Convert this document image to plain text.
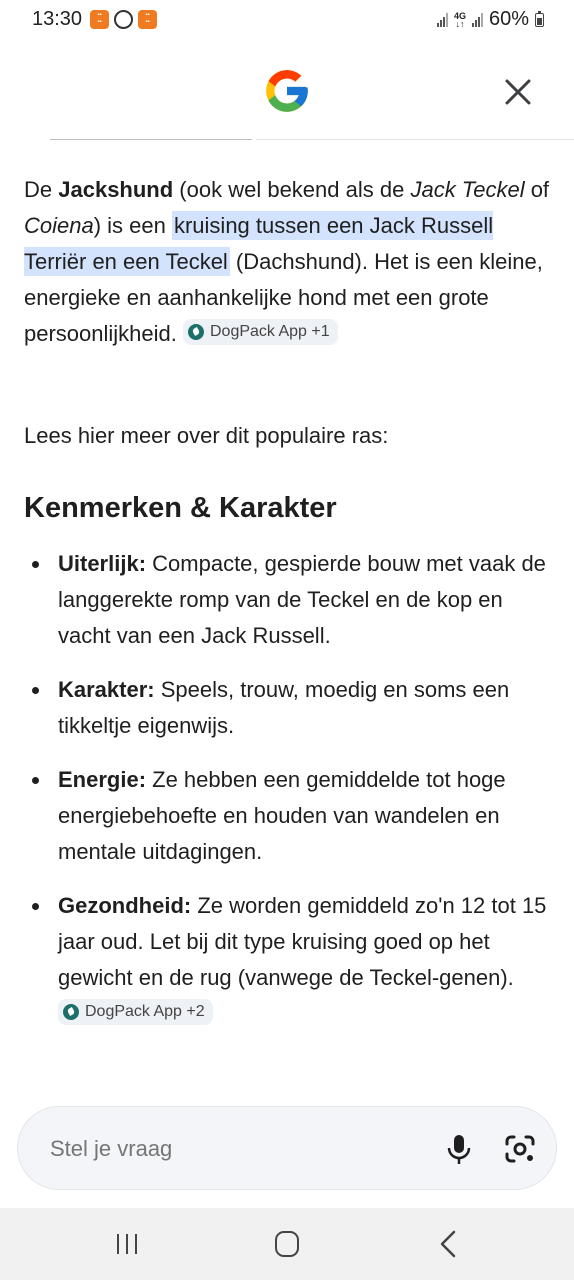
13:30	▪▪
▪▪
▪▪
▪▪
4G
↓↑ 60%

De Jackshund (ook wel bekend als de Jack Teckel of Coiena) is een kruising tussen een Jack Russell Terriër en een Teckel (Dachshund). Het is een kleine, energieke en aanhankelijke hond met een grote persoonlijkheid. DogPack App +1

Lees hier meer over dit populaire ras:

Kenmerken & Karakter
Uiterlijk: Compacte, gespierde bouw met vaak de langgerekte romp van de Teckel en de kop en vacht van een Jack Russell.
Karakter: Speels, trouw, moedig en soms een tikkeltje eigenwijs.
Energie: Ze hebben een gemiddelde tot hoge energiebehoefte en houden van wandelen en mentale uitdagingen.
Gezondheid: Ze worden gemiddeld zo'n 12 tot 15 jaar oud. Let bij dit type kruising goed op het gewicht en de rug (vanwege de Teckel-genen).
DogPack App +2
Stel je vraag
